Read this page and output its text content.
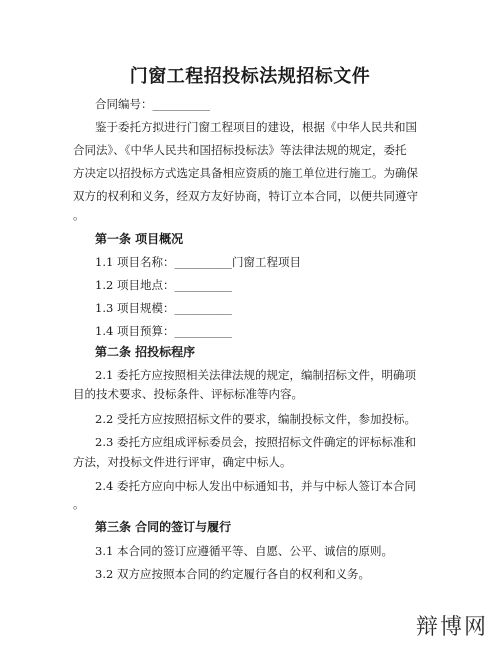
门窗工程招投标法规招标文件
合同编号：__________
鉴于委托方拟进行门窗工程项目的建设，根据《中华人民共和国
合同法》、《中华人民共和国招标投标法》等法律法规的规定，委托
方决定以招投标方式选定具备相应资质的施工单位进行施工。为确保
双方的权利和义务，经双方友好协商，特订立本合同，以便共同遵守
。
第一条 项目概况
1.1 项目名称：__________门窗工程项目
1.2 项目地点：__________
1.3 项目规模：__________
1.4 项目预算：__________
第二条 招投标程序
2.1 委托方应按照相关法律法规的规定，编制招标文件，明确项
目的技术要求、投标条件、评标标准等内容。
2.2 受托方应按照招标文件的要求，编制投标文件，参加投标。
2.3 委托方应组成评标委员会，按照招标文件确定的评标标准和
方法，对投标文件进行评审，确定中标人。
2.4 委托方应向中标人发出中标通知书，并与中标人签订本合同
。
第三条 合同的签订与履行
3.1 本合同的签订应遵循平等、自愿、公平、诚信的原则。
3.2 双方应按照本合同的约定履行各自的权利和义务。
辩博网
